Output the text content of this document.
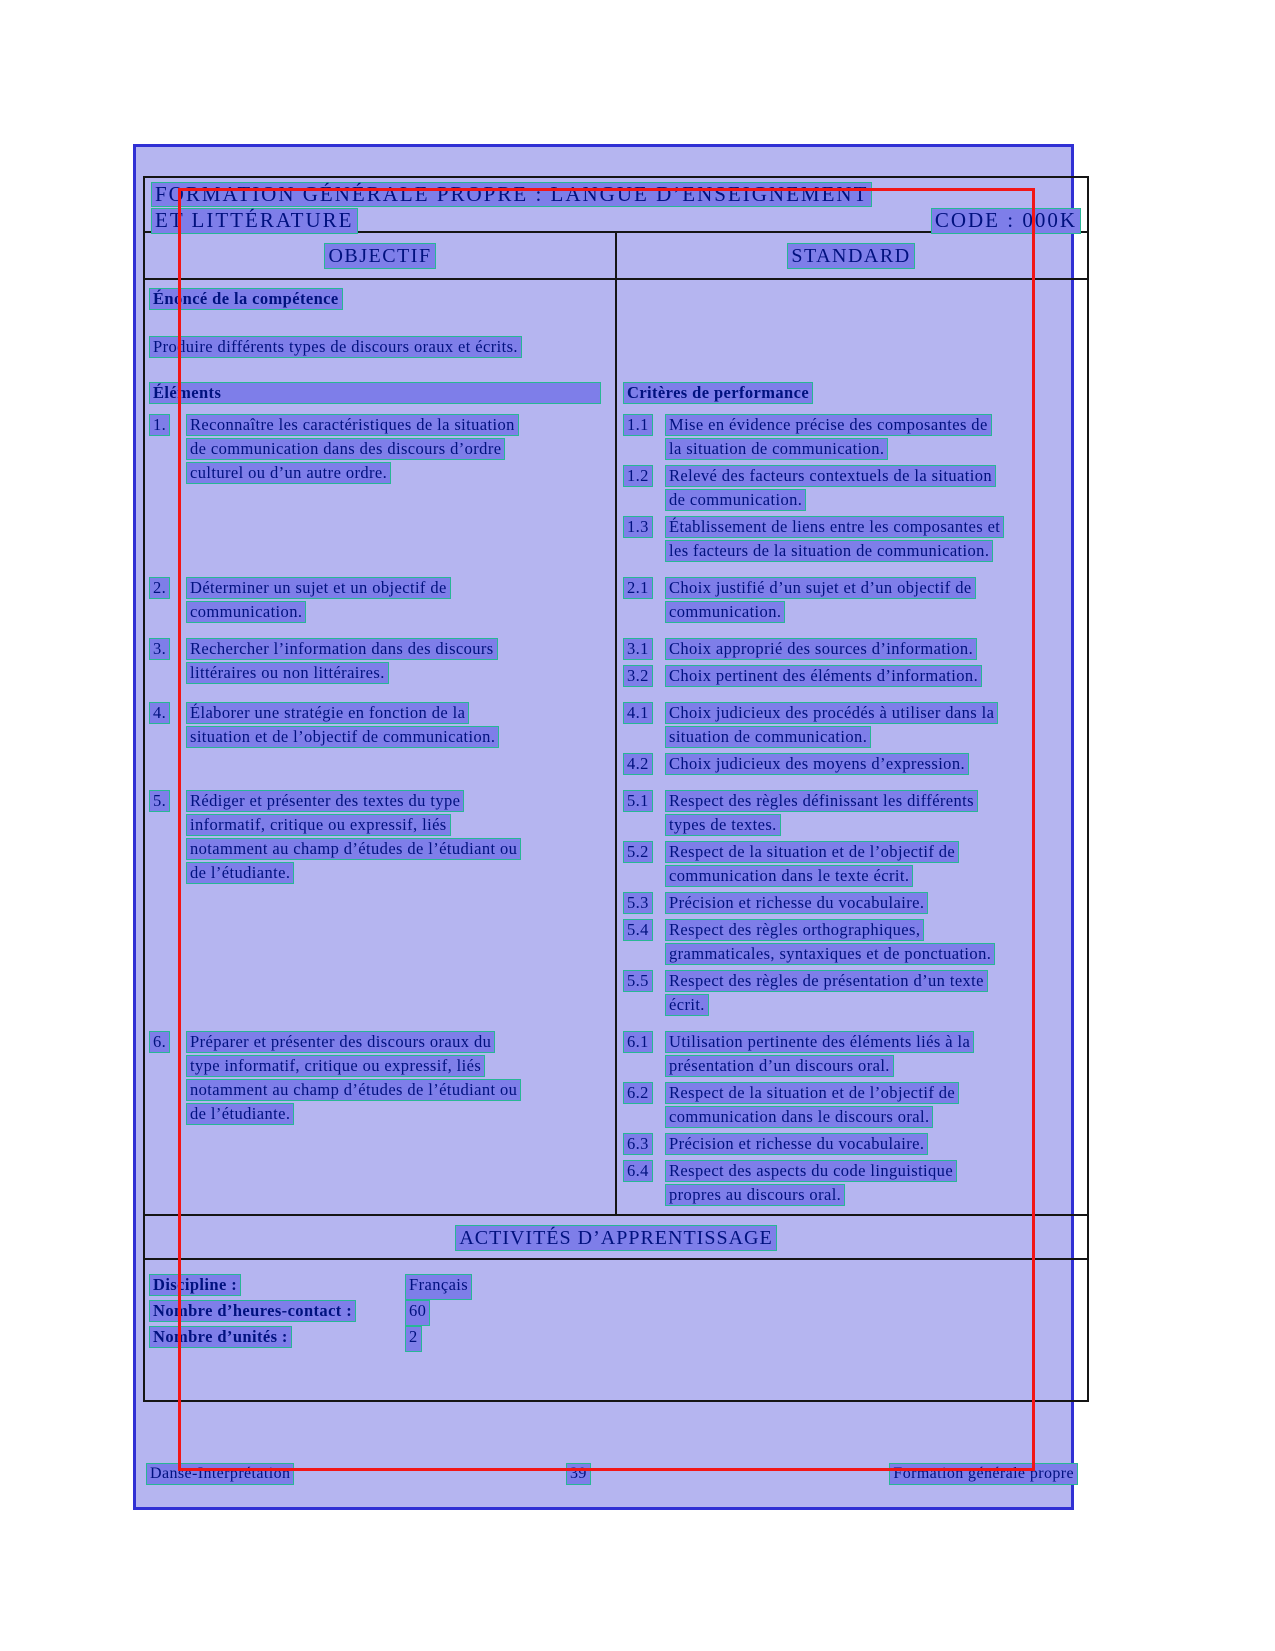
FORMATION GÉNÉRALE PROPRE : LANGUE D’ENSEIGNEMENT
ET LITTÉRATURE	CODE : 000K
OBJECTIF	STANDARD
Énoncé de la compétence
Produire différents types de discours oraux et écrits.
Éléments	Critères de performance
1.	Reconnaître les caractéristiques de la situation
de communication dans des discours d’ordre
culturel ou d’un autre ordre.
1.1	Mise en évidence précise des composantes de
la situation de communication.
1.2	Relevé des facteurs contextuels de la situation
de communication.
1.3	Établissement de liens entre les composantes et
les facteurs de la situation de communication.
2.	Déterminer un sujet et un objectif de
communication.
2.1	Choix justifié d’un sujet et d’un objectif de
communication.
3.	Rechercher l’information dans des discours
littéraires ou non littéraires.
3.1	Choix approprié des sources d’information.
3.2	Choix pertinent des éléments d’information.
4.	Élaborer une stratégie en fonction de la
situation et de l’objectif de communication.
4.1	Choix judicieux des procédés à utiliser dans la
situation de communication.
4.2	Choix judicieux des moyens d’expression.
5.	Rédiger et présenter des textes du type
informatif, critique ou expressif, liés
notamment au champ d’études de l’étudiant ou
de l’étudiante.
5.1	Respect des règles définissant les différents
types de textes.
5.2	Respect de la situation et de l’objectif de
communication dans le texte écrit.
5.3	Précision et richesse du vocabulaire.
5.4	Respect des règles orthographiques,
grammaticales, syntaxiques et de ponctuation.
5.5	Respect des règles de présentation d’un texte
écrit.
6.	Préparer et présenter des discours oraux du
type informatif, critique ou expressif, liés
notamment au champ d’études de l’étudiant ou
de l’étudiante.
6.1	Utilisation pertinente des éléments liés à la
présentation d’un discours oral.
6.2	Respect de la situation et de l’objectif de
communication dans le discours oral.
6.3	Précision et richesse du vocabulaire.
6.4	Respect des aspects du code linguistique
propres au discours oral.
ACTIVITÉS D’APPRENTISSAGE
Discipline :	Français
Nombre d’heures-contact :	60
Nombre d’unités :	2
Danse-Interprétation	39	Formation générale propre
